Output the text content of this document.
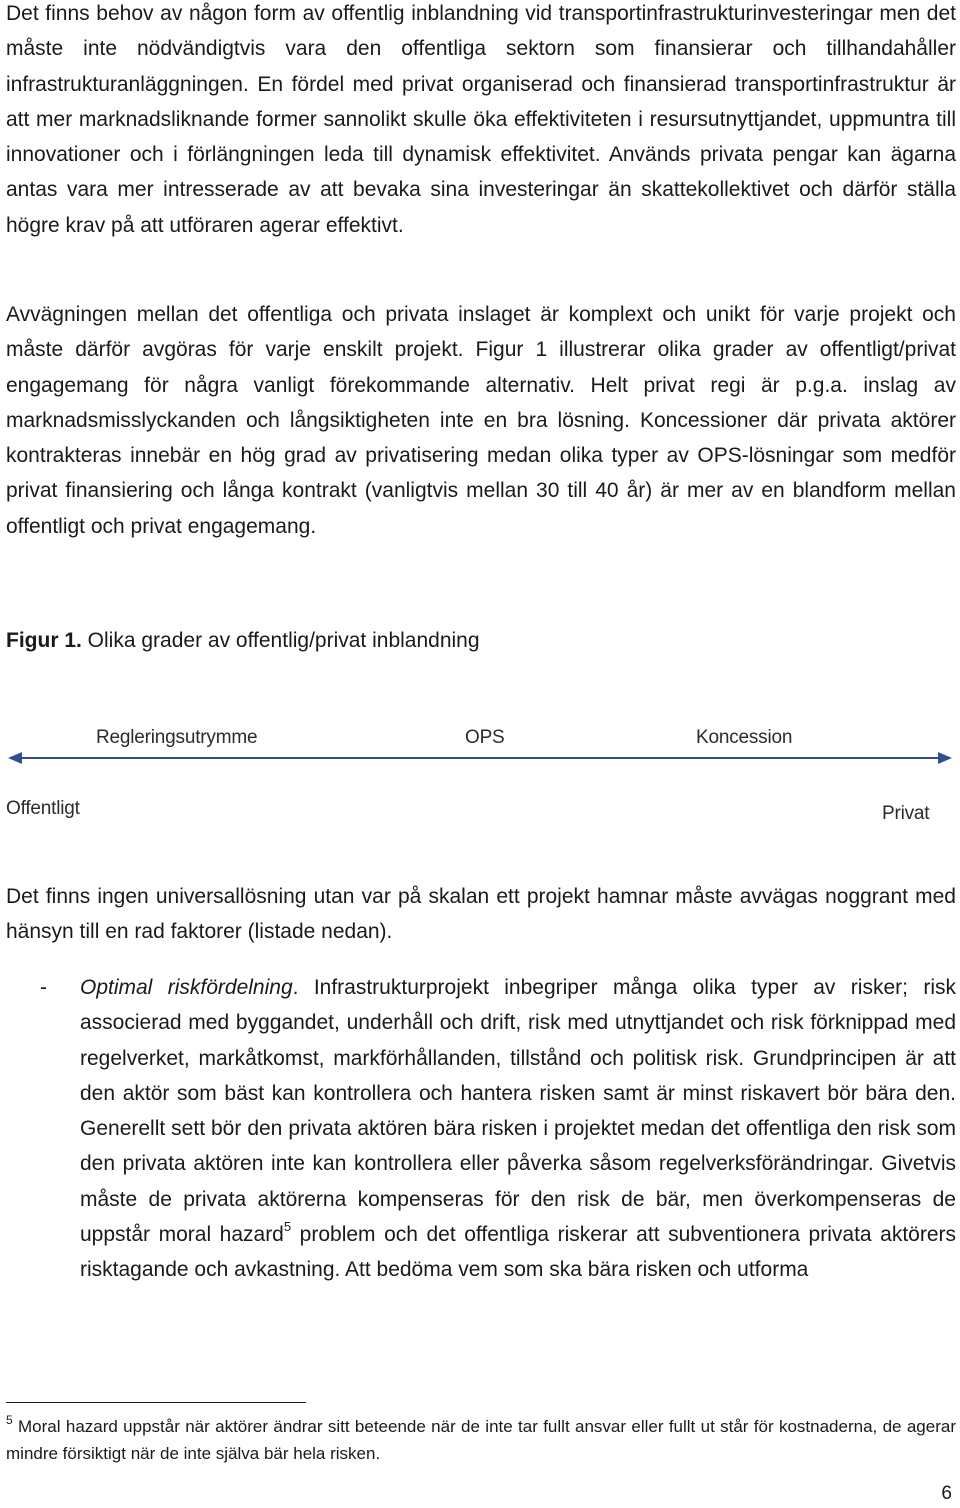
Det finns behov av någon form av offentlig inblandning vid transportinfrastrukturinvesteringar men det måste inte nödvändigtvis vara den offentliga sektorn som finansierar och tillhandahåller infrastrukturanläggningen. En fördel med privat organiserad och finansierad transportinfrastruktur är att mer marknadsliknande former sannolikt skulle öka effektiviteten i resursutnyttjandet, uppmuntra till innovationer och i förlängningen leda till dynamisk effektivitet. Används privata pengar kan ägarna antas vara mer intresserade av att bevaka sina investeringar än skattekollektivet och därför ställa högre krav på att utföraren agerar effektivt.

Avvägningen mellan det offentliga och privata inslaget är komplext och unikt för varje projekt och måste därför avgöras för varje enskilt projekt. Figur 1 illustrerar olika grader av offentligt/privat engagemang för några vanligt förekommande alternativ. Helt privat regi är p.g.a. inslag av marknadsmisslyckanden och långsiktigheten inte en bra lösning. Koncessioner där privata aktörer kontrakteras innebär en hög grad av privatisering medan olika typer av OPS-lösningar som medför privat finansiering och långa kontrakt (vanligtvis mellan 30 till 40 år) är mer av en blandform mellan offentligt och privat engagemang.

Figur 1. Olika grader av offentlig/privat inblandning
Regleringsutrymme	OPS	Koncession
Offentligt	Privat

Det finns ingen universallösning utan var på skalan ett projekt hamnar måste avvägas noggrant med hänsyn till en rad faktorer (listade nedan).

- Optimal riskfördelning. Infrastrukturprojekt inbegriper många olika typer av risker; risk associerad med byggandet, underhåll och drift, risk med utnyttjandet och risk förknippad med regelverket, markåtkomst, markförhållanden, tillstånd och politisk risk. Grundprincipen är att den aktör som bäst kan kontrollera och hantera risken samt är minst riskavert bör bära den. Generellt sett bör den privata aktören bära risken i projektet medan det offentliga den risk som den privata aktören inte kan kontrollera eller påverka såsom regelverksförändringar. Givetvis måste de privata aktörerna kompenseras för den risk de bär, men överkompenseras de uppstår moral hazard$^5$ problem och det offentliga riskerar att subventionera privata aktörers risktagande och avkastning. Att bedöma vem som ska bära risken och utforma

$^5$ Moral hazard uppstår när aktörer ändrar sitt beteende när de inte tar fullt ansvar eller fullt ut står för kostnaderna, de agerar mindre försiktigt när de inte själva bär hela risken.

6
